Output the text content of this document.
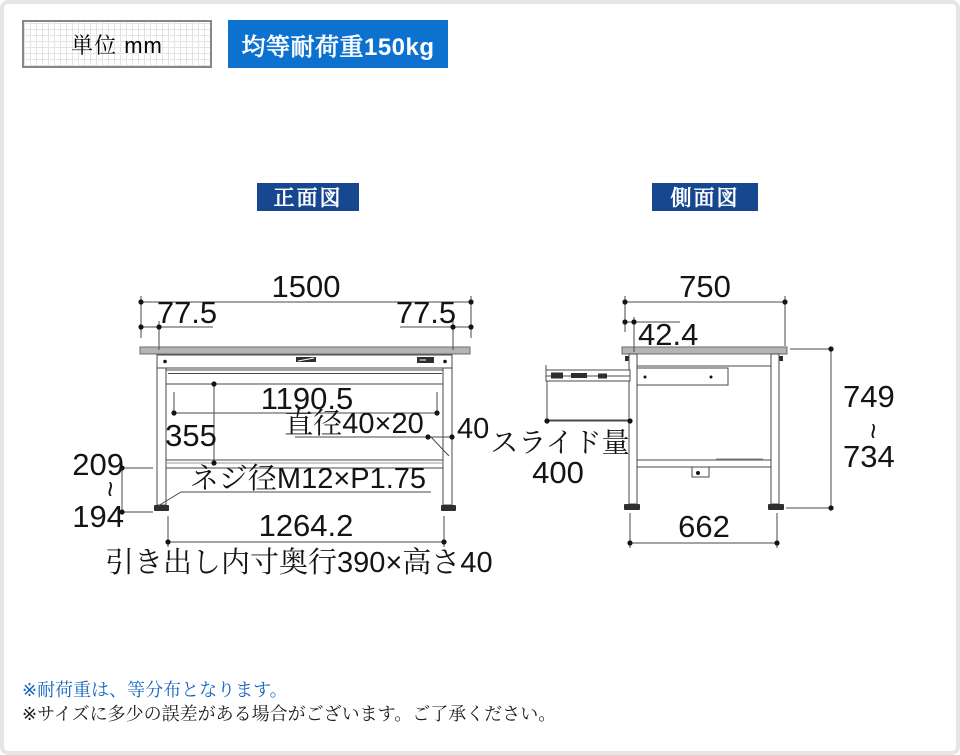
単位 mm	均等耐荷重150kg
正面図	側面図
1500
77.5	77.5
1190.5
355 直径40×20 40
ネジ径M12×P1.75
209
~
194	1264.2
引き出し内寸奥行390×高さ40
750
42.4
749
~
734
スライド量
400
662
※耐荷重は、等分布となります。
※サイズに多少の誤差がある場合がございます。ご了承ください。
